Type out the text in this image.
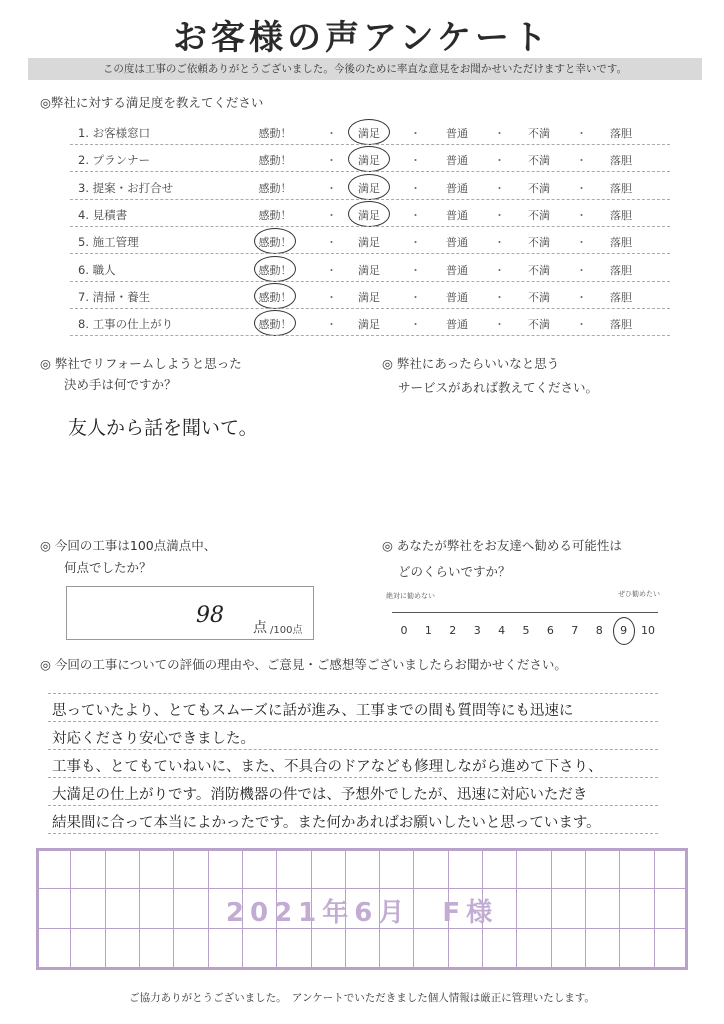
お客様の声アンケート
この度は工事のご依頼ありがとうございました。今後のために率直な意見をお聞かせいただけますと幸いです。
◎弊社に対する満足度を教えてください
1. お客様窓口	感動！	満足	普通	不満	落胆
・	・	・	・
2. プランナー	感動！	満足	普通	不満	落胆
・	・	・	・
3. 提案・お打合せ	感動！	満足	普通	不満	落胆
・	・	・	・
4. 見積書	感動！	満足	普通	不満	落胆
・	・	・	・
5. 施工管理	感動！	満足	普通	不満	落胆
・	・	・	・
6. 職人	感動！	満足	普通	不満	落胆
・	・	・	・
7. 清掃・養生	感動！	満足	普通	不満	落胆
・	・	・	・
8. 工事の仕上がり	感動！	満足	普通	不満	落胆
・	・	・	・
◎ 弊社でリフォームしようと思った
決め手は何ですか？
友人から話を聞いて。
◎ 弊社にあったらいいなと思う
サービスがあれば教えてください。
◎ 今回の工事は100点満点中、
何点でしたか？
98 点 /100点
◎ あなたが弊社をお友達へ勧める可能性は
どのくらいですか？
絶対に勧めない	ぜひ勧めたい
0	1	2	3	4	5	6	7	8	9	10
◎ 今回の工事についての評価の理由や、ご意見・ご感想等ございましたらお聞かせください。
思っていたより、とてもスムーズに話が進み、工事までの間も質問等にも迅速に
対応くださり安心できました。
工事も、とてもていねいに、また、不具合のドアなども修理しながら進めて下さり、
大満足の仕上がりです。消防機器の件では、予想外でしたが、迅速に対応いただき
結果間に合って本当によかったです。また何かあればお願いしたいと思っています。
2021年6月　F様
ご協力ありがとうございました。　アンケートでいただきました個人情報は厳正に管理いたします。
